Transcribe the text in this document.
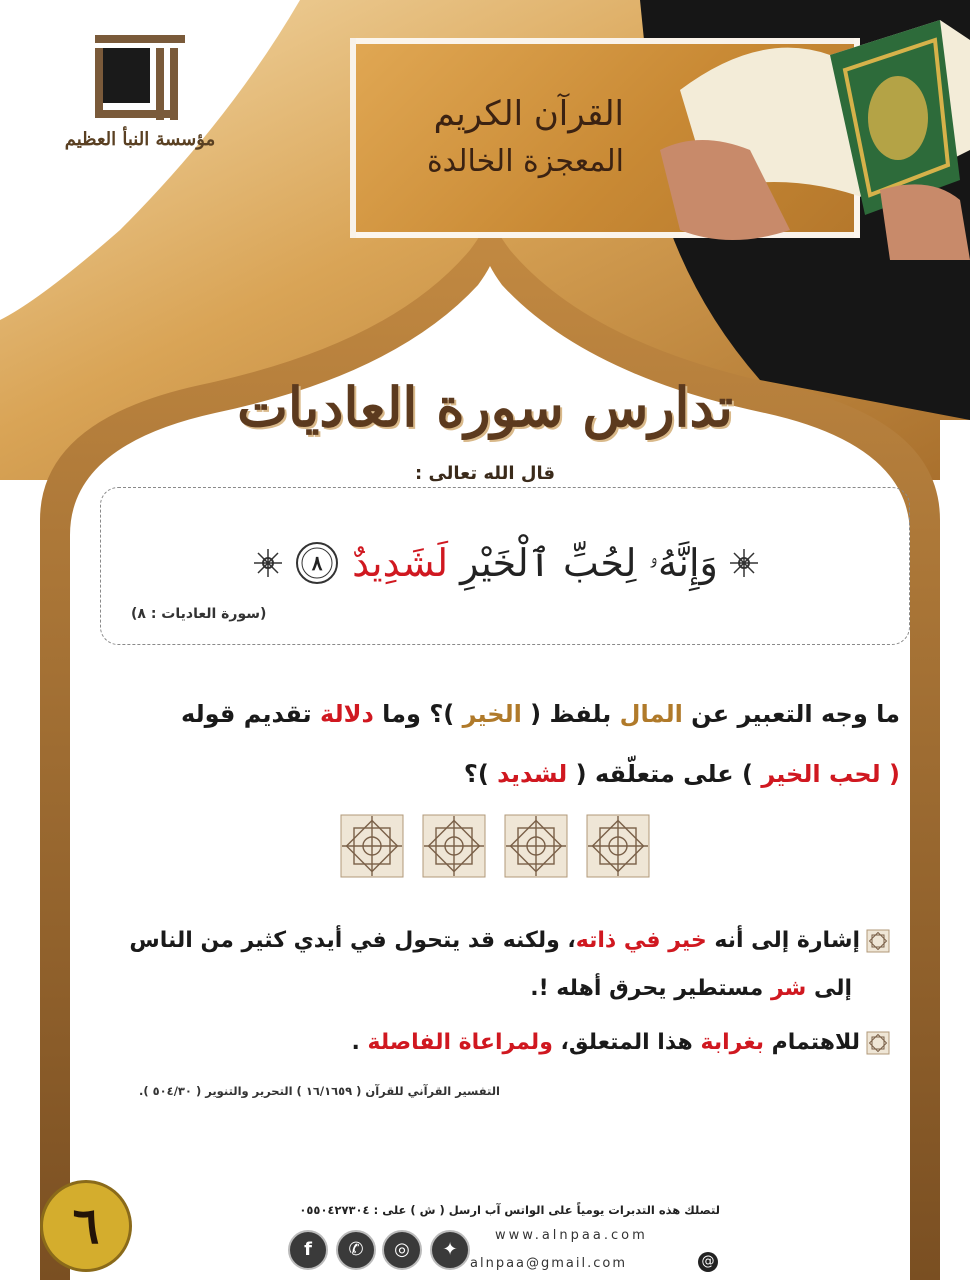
مؤسسة النبأ العظيم
القرآن الكريم
المعجزة الخالدة
تدارس سورة العاديات
قال الله تعالى :
وَإِنَّهُۥ لِحُبِّ ٱلْخَيْرِ لَشَدِيدٌ
٨
(سورة العاديات : ٨)
ما وجه التعبير عن المال بلفظ ( الخير )؟ وما دلالة تقديم قوله
( لحب الخير ) على متعلّقه ( لشديد )؟
إشارة إلى أنه خير في ذاته، ولكنه قد يتحول في أيدي كثير من الناس
إلى شر مستطير يحرق أهله !.
للاهتمام بغرابة هذا المتعلق، ولمراعاة الفاصلة .
التفسير القرآني للقرآن ( ١٦/١٦٥٩ ) التحرير والتنوير ( ٥٠٤/٣٠ ).
٦	لتصلك هذه التدبرات يومياً على الواتس آب ارسل ( ش ) على : ٠٥٥٠٤٢٧٣٠٤
www.alnpaa.com
alnpaa@gmail.com	@
f	✆	◎	✦
